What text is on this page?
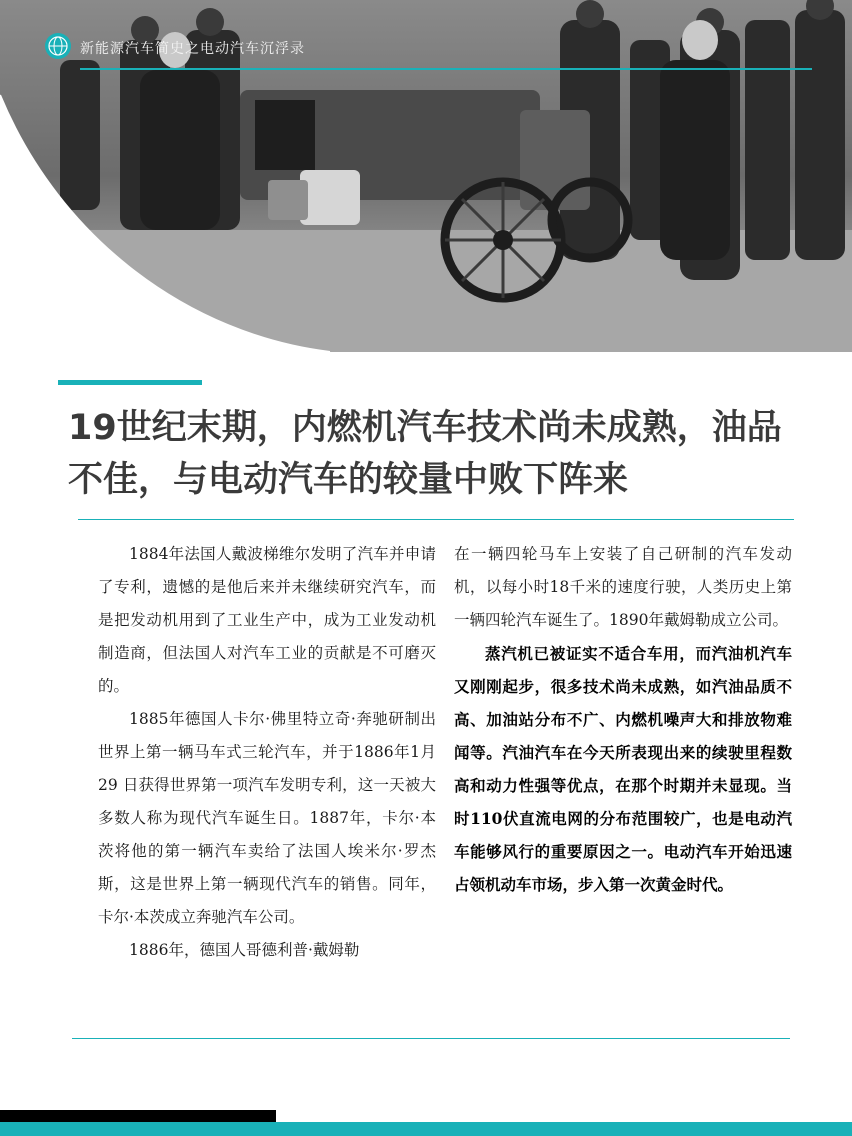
新能源汽车简史之电动汽车沉浮录
19世纪末期，内燃机汽车技术尚未成熟，油品不佳，与电动汽车的较量中败下阵来

1884年法国人戴波梯维尔发明了汽车并申请了专利，遗憾的是他后来并未继续研究汽车，而是把发动机用到了工业生产中，成为工业发动机制造商，但法国人对汽车工业的贡献是不可磨灭的。

1885年德国人卡尔·佛里特立奇·奔驰研制出世界上第一辆马车式三轮汽车，并于1886年1月29 日获得世界第一项汽车发明专利，这一天被大多数人称为现代汽车诞生日。1887年，卡尔·本茨将他的第一辆汽车卖给了法国人埃米尔·罗杰斯，这是世界上第一辆现代汽车的销售。同年，卡尔·本茨成立奔驰汽车公司。

1886年，德国人哥德利普·戴姆勒

在一辆四轮马车上安装了自己研制的汽车发动机，以每小时18千米的速度行驶，人类历史上第一辆四轮汽车诞生了。1890年戴姆勒成立公司。

蒸汽机已被证实不适合车用，而汽油机汽车又刚刚起步，很多技术尚未成熟，如汽油品质不高、加油站分布不广、内燃机噪声大和排放物难闻等。汽油汽车在今天所表现出来的续驶里程数高和动力性强等优点，在那个时期并未显现。当时110伏直流电网的分布范围较广，也是电动汽车能够风行的重要原因之一。电动汽车开始迅速占领机动车市场，步入第一次黄金时代。
